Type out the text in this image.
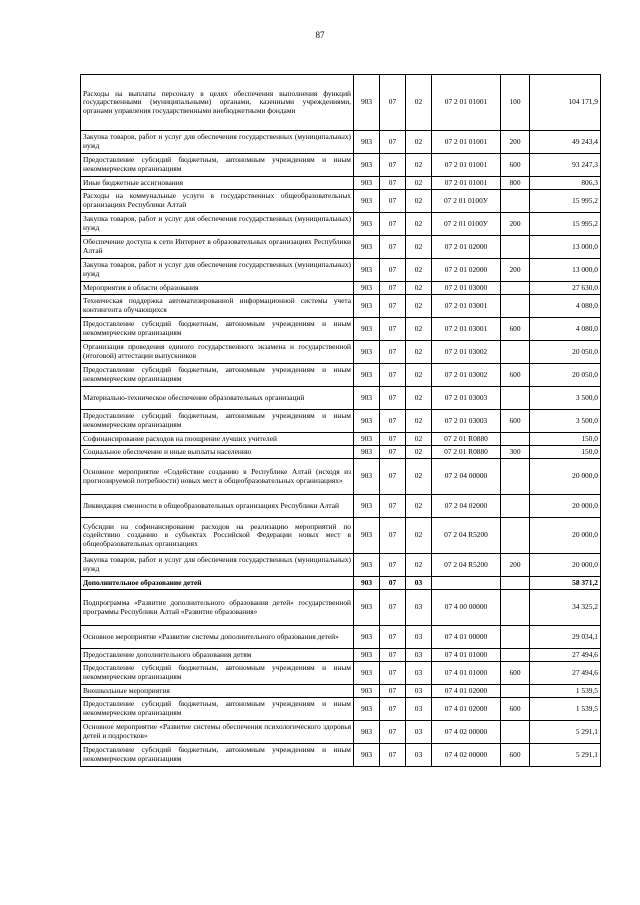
87
Расходы на выплаты персоналу в целях обеспечения выполнения функций государственными (муниципальными) органами, казенными учреждениями, органами управления государственными внебюджетными фондами	903	07	02	07 2 01 01001	100	104 171,9
Закупка товаров, работ и услуг для обеспечения государственных (муниципальных) нужд	903	07	02	07 2 01 01001	200	49 243,4
Предоставление субсидий бюджетным, автономным учреждениям и иным некоммерческим организациям	903	07	02	07 2 01 01001	600	93 247,3
Иные бюджетные ассигнования	903	07	02	07 2 01 01001	800	806,3
Расходы на коммунальные услуги в государственных общеобразовательных организациях Республики Алтай	903	07	02	07 2 01 0100У		15 995,2
Закупка товаров, работ и услуг для обеспечения государственных (муниципальных) нужд	903	07	02	07 2 01 0100У	200	15 995,2
Обеспечение доступа к сети Интернет в образовательных организациях Республики Алтай	903	07	02	07 2 01 02000		13 000,0
Закупка товаров, работ и услуг для обеспечения государственных (муниципальных) нужд	903	07	02	07 2 01 02000	200	13 000,0
Мероприятия в области образования	903	07	02	07 2 01 03000		27 630,0
Техническая поддержка автоматизированной информационной системы учета контингента обучающихся	903	07	02	07 2 01 03001		4 080,0
Предоставление субсидий бюджетным, автономным учреждениям и иным некоммерческим организациям	903	07	02	07 2 01 03001	600	4 080,0
Организация проведения единого государственного экзамена и государственной (итоговой) аттестации выпускников	903	07	02	07 2 01 03002		20 050,0
Предоставление субсидий бюджетным, автономным учреждениям и иным некоммерческим организациям	903	07	02	07 2 01 03002	600	20 050,0
Материально-техническое обеспечение образовательных организаций	903	07	02	07 2 01 03003		3 500,0
Предоставление субсидий бюджетным, автономным учреждениям и иным некоммерческим организациям	903	07	02	07 2 01 03003	600	3 500,0
Софинансирование расходов на поощрение лучших учителей	903	07	02	07 2 01 R0880		150,0
Социальное обеспечение и иные выплаты населению	903	07	02	07 2 01 R0880	300	150,0
Основное мероприятие «Содействие созданию в Республике Алтай (исходя из прогнозируемой потребности) новых мест в общеобразовательных организациях»	903	07	02	07 2 04 00000		20 000,0
Ликвидация сменности в общеобразовательных организациях Республики Алтай	903	07	02	07 2 04 02000		20 000,0
Субсидии на софинансирование расходов на реализацию мероприятий по содействию созданию в субъектах Российской Федерации новых мест в общеобразовательных организациях	903	07	02	07 2 04 R5200		20 000,0
Закупка товаров, работ и услуг для обеспечения государственных (муниципальных) нужд	903	07	02	07 2 04 R5200	200	20 000,0
Дополнительное образование детей	903	07	03			58 371,2
Подпрограмма «Развитие дополнительного образования детей» государственной программы Республики Алтай «Развитие образования»	903	07	03	07 4 00 00000		34 325,2
Основное мероприятие «Развитие системы дополнительного образования детей»	903	07	03	07 4 01 00000		29 034,1
Предоставление дополнительного образования детям	903	07	03	07 4 01 01000		27 494,6
Предоставление субсидий бюджетным, автономным учреждениям и иным некоммерческим организациям	903	07	03	07 4 01 01000	600	27 494,6
Внешкольные мероприятия	903	07	03	07 4 01 02000		1 539,5
Предоставление субсидий бюджетным, автономным учреждениям и иным некоммерческим организациям	903	07	03	07 4 01 02000	600	1 539,5
Основное мероприятие «Развитие системы обеспечения психологического здоровья детей и подростков»	903	07	03	07 4 02 00000		5 291,1
Предоставление субсидий бюджетным, автономным учреждениям и иным некоммерческим организациям	903	07	03	07 4 02 00000	600	5 291,1
